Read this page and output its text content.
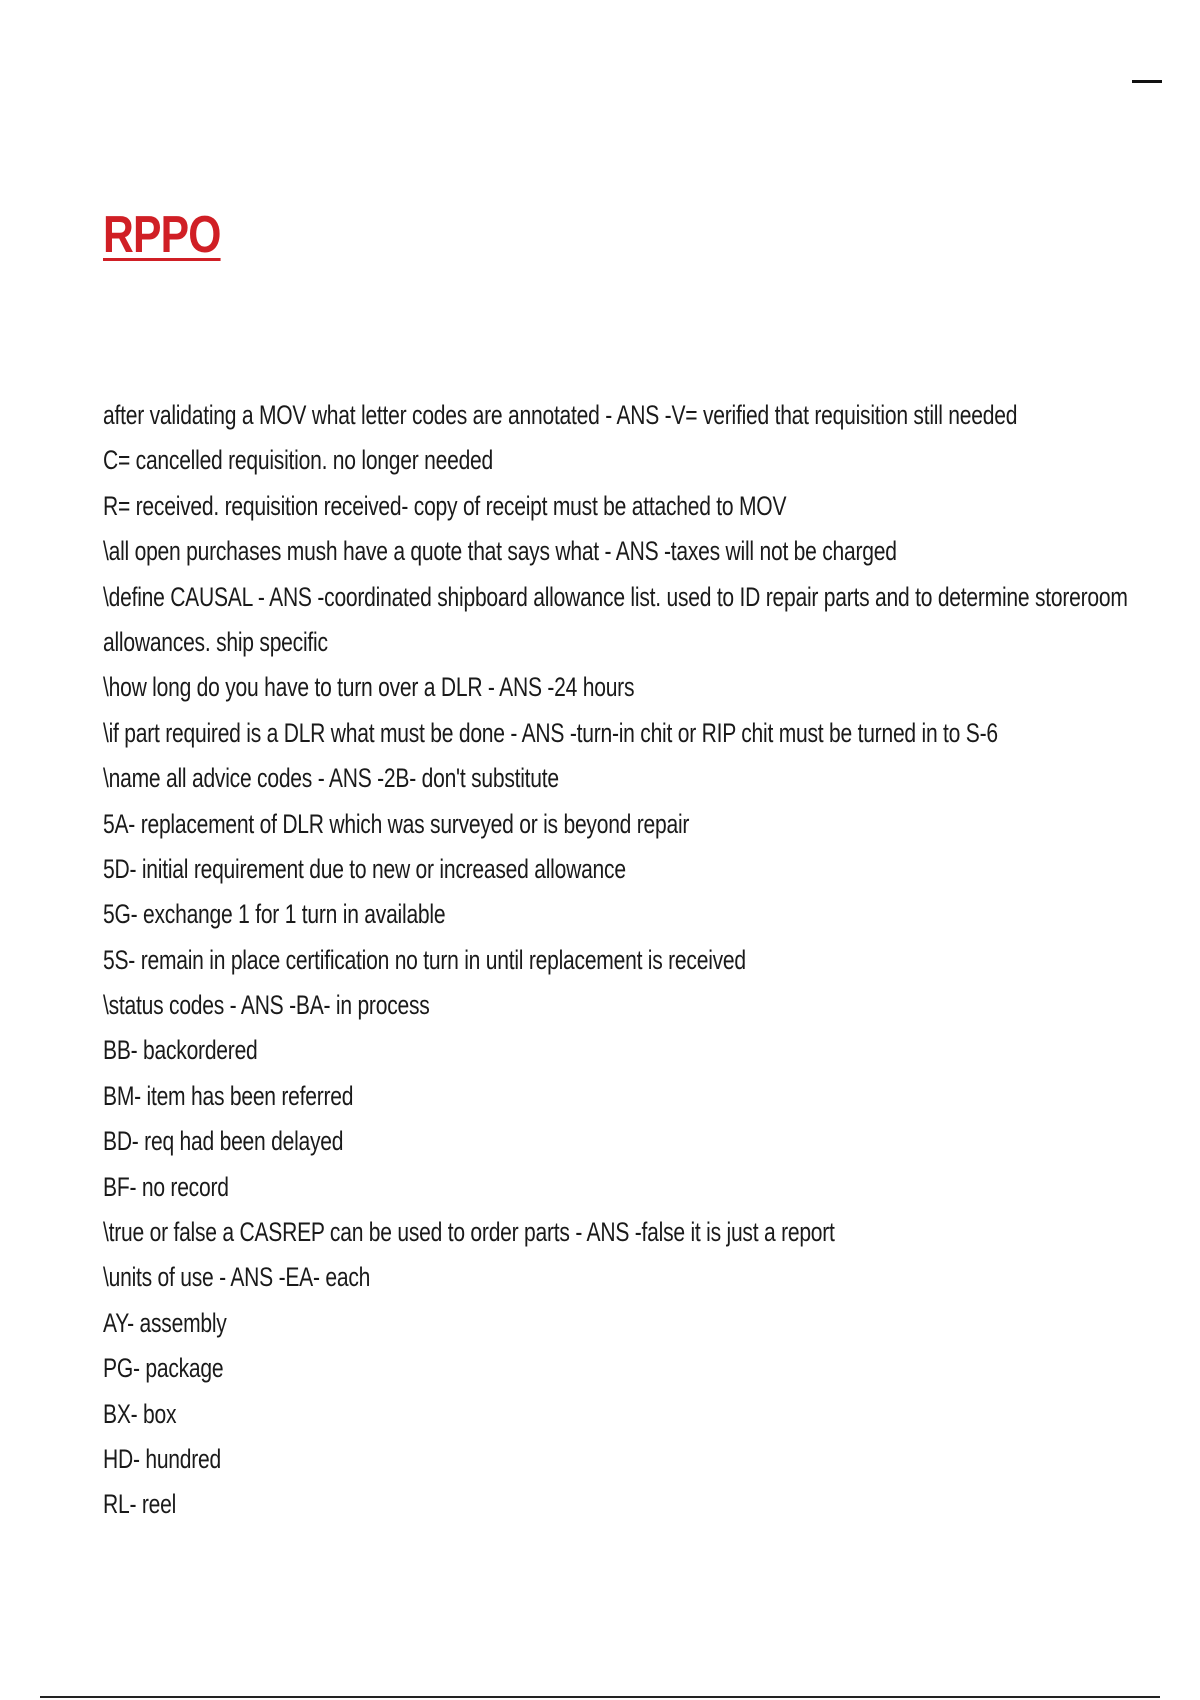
RPPO
after validating a MOV what letter codes are annotated - ANS -V= verified that requisition still needed
C= cancelled requisition. no longer needed
R= received. requisition received- copy of receipt must be attached to MOV
\all open purchases mush have a quote that says what - ANS -taxes will not be charged
\define CAUSAL - ANS -coordinated shipboard allowance list. used to ID repair parts and to determine storeroom
allowances. ship specific
\how long do you have to turn over a DLR - ANS -24 hours
\if part required is a DLR what must be done - ANS -turn-in chit or RIP chit must be turned in to S-6
\name all advice codes - ANS -2B- don't substitute
5A- replacement of DLR which was surveyed or is beyond repair
5D- initial requirement due to new or increased allowance
5G- exchange 1 for 1 turn in available
5S- remain in place certification no turn in until replacement is received
\status codes - ANS -BA- in process
BB- backordered
BM- item has been referred
BD- req had been delayed
BF- no record
\true or false a CASREP can be used to order parts - ANS -false it is just a report
\units of use - ANS -EA- each
AY- assembly
PG- package
BX- box
HD- hundred
RL- reel
